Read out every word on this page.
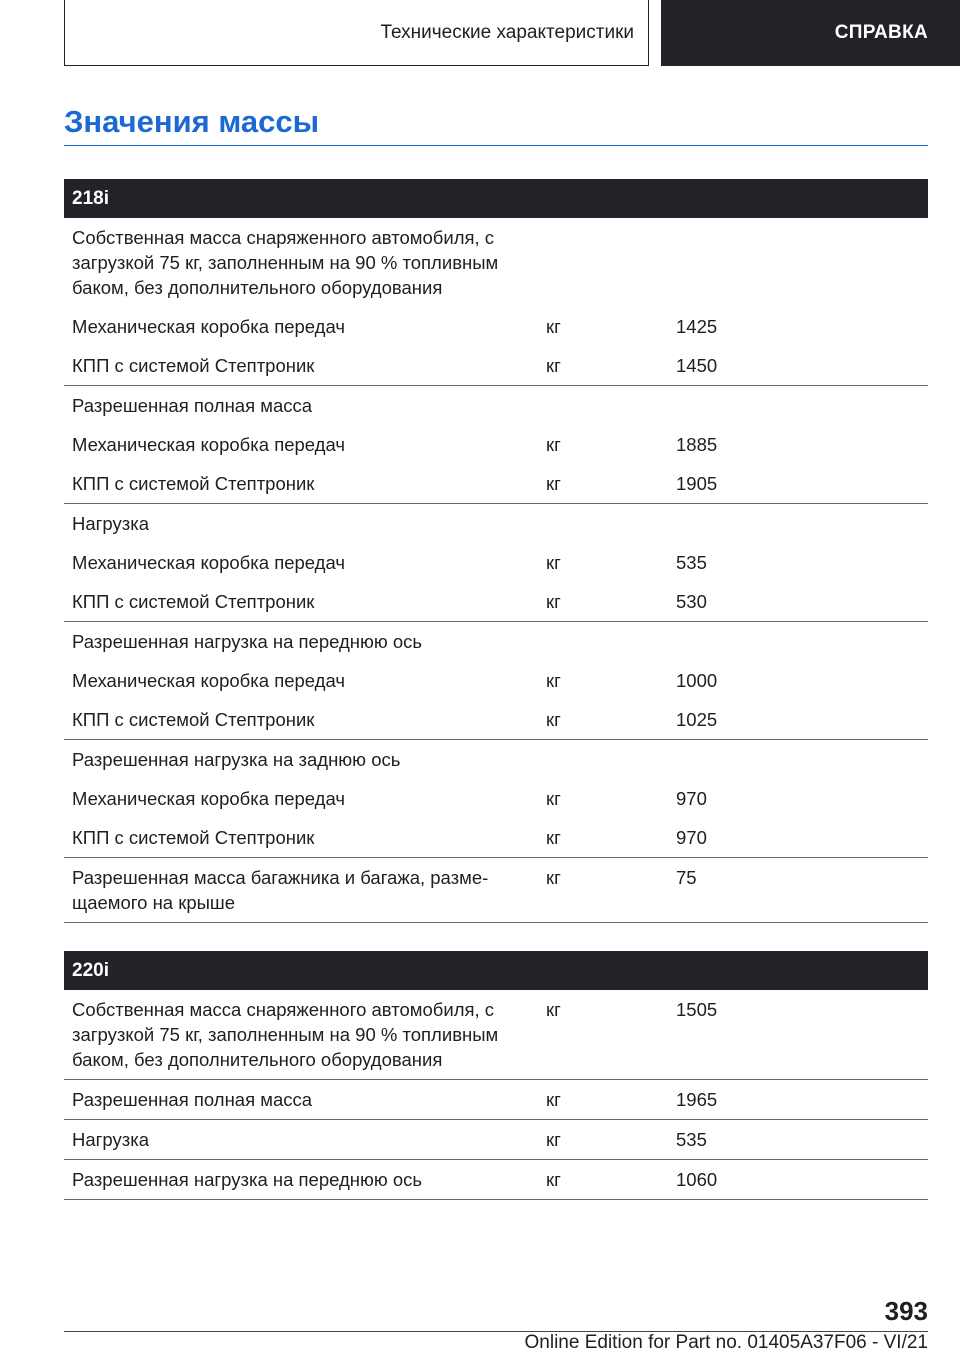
Технические характеристики	СПРАВКА
Значения массы
218i
Собственная масса снаряженного автомобиля, с загрузкой 75 кг, заполненным на 90 % топливным баком, без дополнительного оборудования
Механическая коробка передач	кг	1425
КПП с системой Стептроник	кг	1450
Разрешенная полная масса
Механическая коробка передач	кг	1885
КПП с системой Стептроник	кг	1905
Нагрузка
Механическая коробка передач	кг	535
КПП с системой Стептроник	кг	530
Разрешенная нагрузка на переднюю ось
Механическая коробка передач	кг	1000
КПП с системой Стептроник	кг	1025
Разрешенная нагрузка на заднюю ось
Механическая коробка передач	кг	970
КПП с системой Стептроник	кг	970
Разрешенная масса багажника и багажа, разме-
щаемого на крыше
кг	75
220i
Собственная масса снаряженного автомобиля, с загрузкой 75 кг, заполненным на 90 % топливным баком, без дополнительного оборудования
кг	1505
Разрешенная полная масса	кг	1965
Нагрузка	кг	535
Разрешенная нагрузка на переднюю ось	кг	1060
393
Online Edition for Part no. 01405A37F06 - VI/21
